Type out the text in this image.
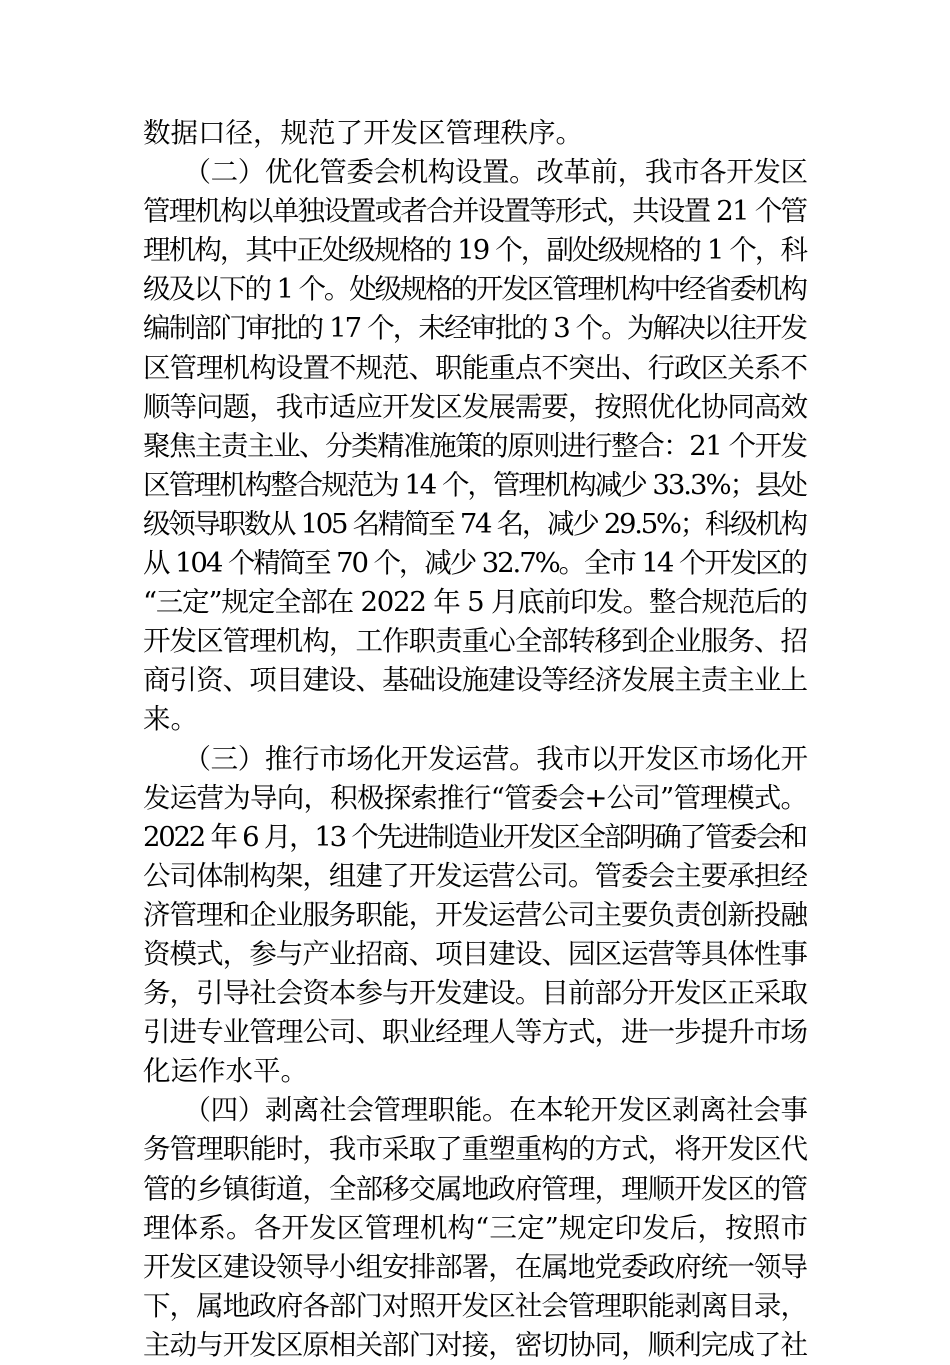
数据口径，规范了开发区管理秩序。
　　（二）优化管委会机构设置。改革前，我市各开发区
管理机构以单独设置或者合并设置等形式，共设置 21 个管
理机构，其中正处级规格的 19 个，副处级规格的 1 个，科
级及以下的 1 个。处级规格的开发区管理机构中经省委机构
编制部门审批的 17 个，未经审批的 3 个。为解决以往开发
区管理机构设置不规范、职能重点不突出、行政区关系不
顺等问题，我市适应开发区发展需要，按照优化协同高效
聚焦主责主业、分类精准施策的原则进行整合：21 个开发
区管理机构整合规范为 14 个，管理机构减少 33.3%；县处
级领导职数从 105 名精简至 74 名，减少 29.5%；科级机构
从 104 个精简至 70 个，减少 32.7%。全市 14 个开发区的
“三定”规定全部在 2022 年 5 月底前印发。整合规范后的
开发区管理机构，工作职责重心全部转移到企业服务、招
商引资、项目建设、基础设施建设等经济发展主责主业上
来。
　　（三）推行市场化开发运营。我市以开发区市场化开
发运营为导向，积极探索推行“管委会+公司”管理模式。
2022 年 6 月，13 个先进制造业开发区全部明确了管委会和
公司体制构架，组建了开发运营公司。管委会主要承担经
济管理和企业服务职能，开发运营公司主要负责创新投融
资模式，参与产业招商、项目建设、园区运营等具体性事
务，引导社会资本参与开发建设。目前部分开发区正采取
引进专业管理公司、职业经理人等方式，进一步提升市场
化运作水平。
　　（四）剥离社会管理职能。在本轮开发区剥离社会事
务管理职能时，我市采取了重塑重构的方式，将开发区代
管的乡镇街道，全部移交属地政府管理，理顺开发区的管
理体系。各开发区管理机构“三定”规定印发后，按照市
开发区建设领导小组安排部署，在属地党委政府统一领导
下，属地政府各部门对照开发区社会管理职能剥离目录，
主动与开发区原相关部门对接，密切协同，顺利完成了社
